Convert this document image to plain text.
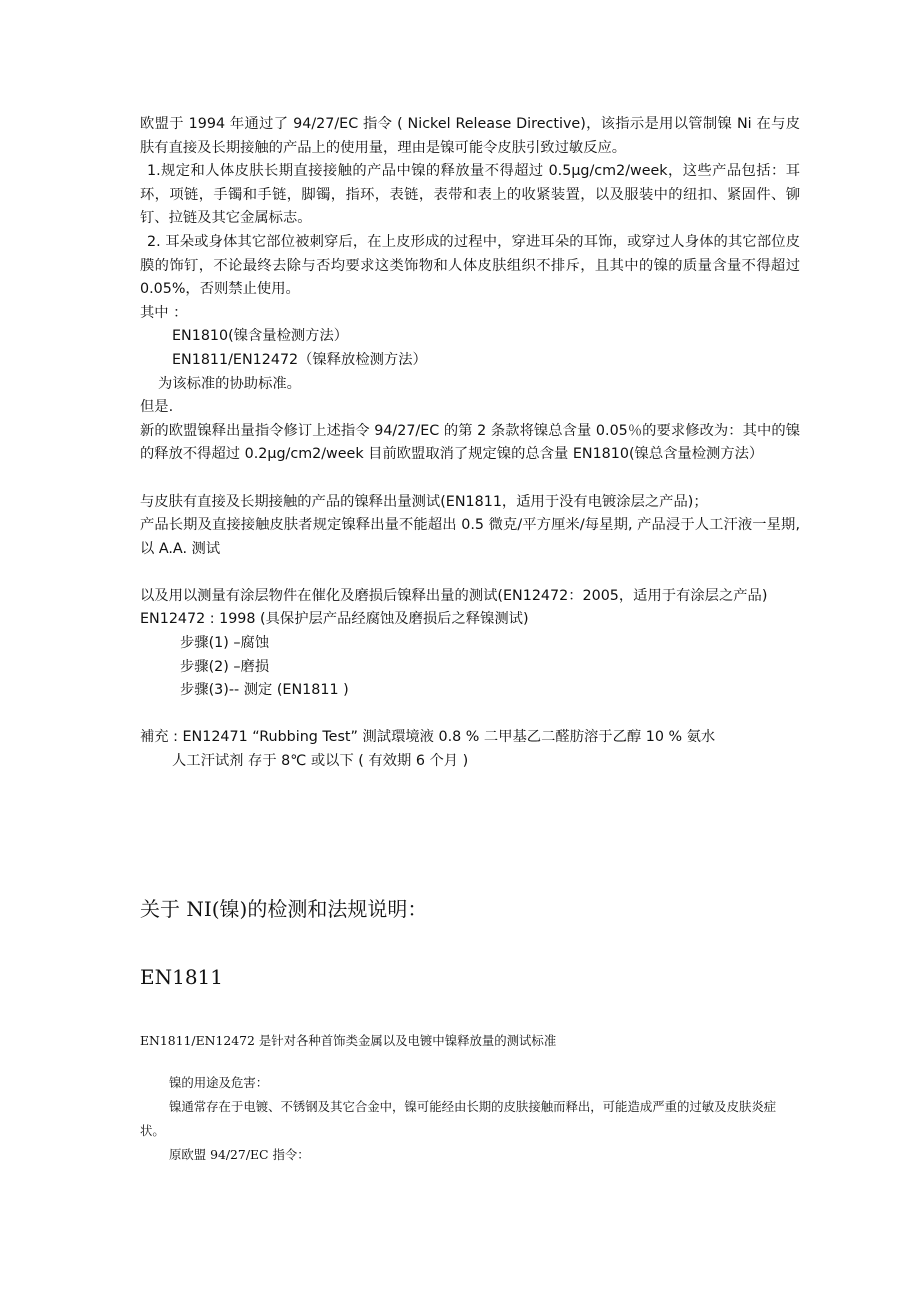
欧盟于 1994 年通过了 94/27/EC 指令 ( Nickel Release Directive)，该指示是用以管制镍 Ni 在与皮肤有直接及长期接触的产品上的使用量，理由是镍可能令皮肤引致过敏反应。

1.规定和人体皮肤长期直接接触的产品中镍的释放量不得超过 0.5μg/cm2/week，这些产品包括：耳环，项链，手镯和手链，脚镯，指环，表链，表带和表上的收紧装置，以及服装中的纽扣、紧固件、铆钉、拉链及其它金属标志。

2. 耳朵或身体其它部位被刺穿后，在上皮形成的过程中，穿进耳朵的耳饰，或穿过人身体的其它部位皮膜的饰钉，不论最终去除与否均要求这类饰物和人体皮肤组织不排斥，且其中的镍的质量含量不得超过 0.05%，否则禁止使用。

其中 ：

EN1810(镍含量检测方法）

EN1811/EN12472（镍释放检测方法）

为该标准的协助标准。

但是.

新的欧盟镍释出量指令修订上述指令 94/27/EC 的第 2 条款将镍总含量 0.05％的要求修改为：其中的镍的释放不得超过 0.2μg/cm2/week 目前欧盟取消了规定镍的总含量 EN1810(镍总含量检测方法）

与皮肤有直接及长期接触的产品的镍释出量测试(EN1811，适用于没有电镀涂层之产品)；

产品长期及直接接触皮肤者规定镍释出量不能超出 0.5 微克/平方厘米/每星期, 产品浸于人工汗液一星期, 以 A.A. 测试

以及用以测量有涂层物件在催化及磨损后镍释出量的测试(EN12472：2005，适用于有涂层之产品)

EN12472 : 1998 (具保护层产品经腐蚀及磨损后之释镍测试)

步骤(1) –腐蚀

步骤(2) –磨损

步骤(3)-- 测定 (EN1811 )

補充 : EN12471 “Rubbing Test” 測試環境液 0.8 % 二甲基乙二醛肪溶于乙醇 10 % 氨水

人工汗试剂 存于 8℃ 或以下 ( 有效期 6 个月 )

关于 NI(镍)的检测和法规说明：
EN1811

EN1811/EN12472 是针对各种首饰类金属以及电镀中镍释放量的测试标准

镍的用途及危害：

镍通常存在于电镀、不锈钢及其它合金中，镍可能经由长期的皮肤接触而释出，可能造成严重的过敏及皮肤炎症状。

原欧盟 94/27/EC 指令：
